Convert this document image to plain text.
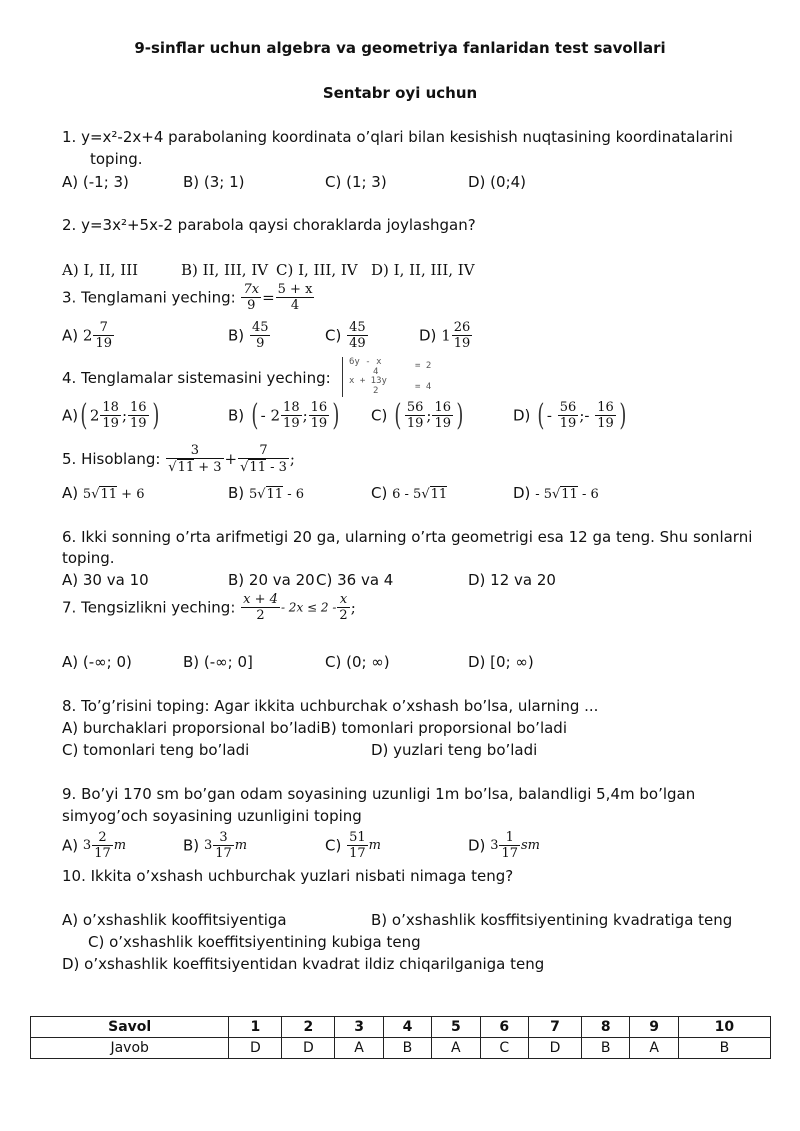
9-sinflar uchun algebra va geometriya fanlaridan test savollari
Sentabr oyi uchun
1. y=x²-2x+4 parabolaning koordinata o’qlari bilan kesishish nuqtasining koordinatalarini
toping.
A) (-1; 3)	B) (3; 1)	C) (1; 3)	D) (0;4)
2. y=3x²+5x-2 parabola qaysi choraklarda joylashgan?
A) I, II, III	B) II, III, IV C) I, III, IV D) I, II, III, IV
3. Tenglamani yeching: $\frac{7x}{9} = \frac{5 + x}{4}$
A) $2 \frac{7}{19}$	$B) \frac{45}{9}$	$C) \frac{45}{49}$	D) $1 \frac{26}{19}$
4. Tenglamalar sistemasini yeching:
6y - x	= 2
4
x + 13y
= 4
2
A)( $2 \frac{18}{19}$ ; $\frac{16}{19}$ )	B) ( - $2 \frac{18}{19}$ ; $\frac{16}{19}$ ) C) ( $\frac{56}{19}$ ; $\frac{16}{19}$ )	D) ( - $\frac{56}{19}$ ;- $\frac{16}{19}$ )
5. Hisoblang: $\frac{3}{√11 + 3} + \frac{7}{√11 - 3}$ ;
A) 5√11 + 6	B) 5√11 - 6	C) 6 - 5√11	D) - 5√11 - 6
6. Ikki sonning o’rta arifmetigi 20 ga, ularning o’rta geometrigi esa 12 ga teng. Shu sonlarni
toping.
A) 30 va 10	B) 20 va 20 C) 36 va 4	D) 12 va 20
7. Tengsizlikni yeching: $\frac{x + 4}{2} - 2x \le 2 - \frac{x}{2}$ ;
A) (-∞; 0)	B) (-∞; 0]	C) (0; ∞)	D) [0; ∞)
8. To’g’risini toping: Agar ikkita uchburchak o’xshash bo’lsa, ularning ...
A) burchaklari proporsional bo’ladiB) tomonlari proporsional bo’ladi
C) tomonlari teng bo’ladi	D) yuzlari teng bo’ladi
9. Bo’yi 170 sm bo’gan odam soyasining uzunligi 1m bo’lsa, balandligi 5,4m bo’lgan
simyog’och soyasining uzunligini toping
A) $3 \frac{2}{17}$ m	B) $3 \frac{3}{17}$ m	$C) \frac{51}{17}$ m	D) $3 \frac{1}{17}$ sm
10. Ikkita o’xshash uchburchak yuzlari nisbati nimaga teng?
A) o’xshashlik kooffitsiyentiga	B) o’xshashlik kosffitsiyentining kvadratiga teng
C) o’xshashlik koeffitsiyentining kubiga teng
D) o’xshashlik koeffitsiyentidan kvadrat ildiz chiqarilganiga teng
Savol	1	2	3	4	5	6	7	8	9	10
Javob	D	D	A	B	A	C	D	B	A	B
